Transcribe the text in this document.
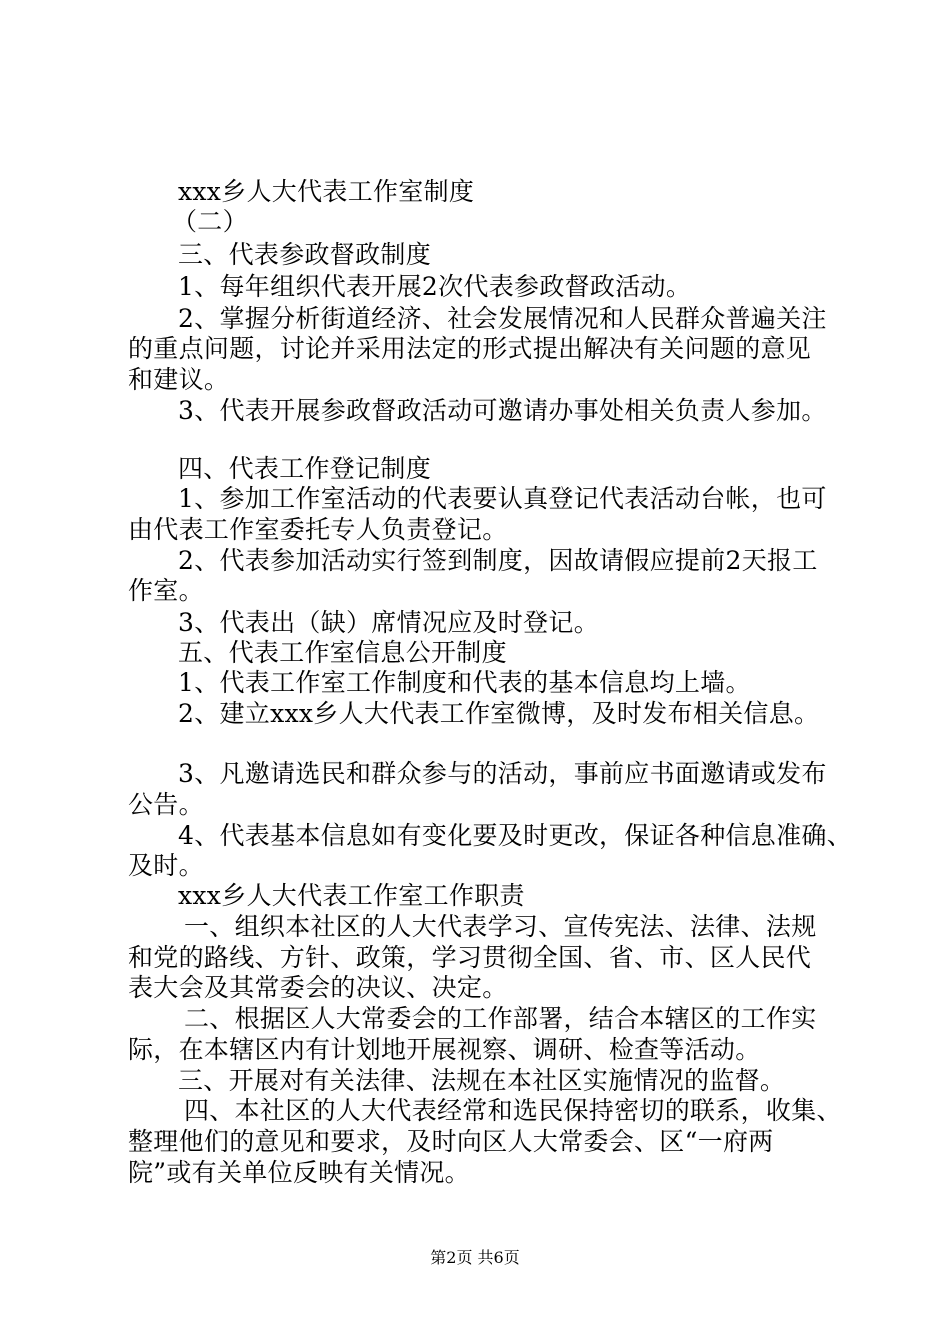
xxx乡人大代表工作室制度
（二）
三、代表参政督政制度
1、每年组织代表开展2次代表参政督政活动。
2、掌握分析街道经济、社会发展情况和人民群众普遍关注
的重点问题，讨论并采用法定的形式提出解决有关问题的意见
和建议。
3、代表开展参政督政活动可邀请办事处相关负责人参加。
四、代表工作登记制度
1、参加工作室活动的代表要认真登记代表活动台帐，也可
由代表工作室委托专人负责登记。
2、代表参加活动实行签到制度，因故请假应提前2天报工
作室。
3、代表出（缺）席情况应及时登记。
五、代表工作室信息公开制度
1、代表工作室工作制度和代表的基本信息均上墙。
2、建立xxx乡人大代表工作室微博，及时发布相关信息。
3、凡邀请选民和群众参与的活动，事前应书面邀请或发布
公告。
4、代表基本信息如有变化要及时更改，保证各种信息准确、
及时。
xxx乡人大代表工作室工作职责
一、组织本社区的人大代表学习、宣传宪法、法律、法规
和党的路线、方针、政策，学习贯彻全国、省、市、区人民代
表大会及其常委会的决议、决定。
二、根据区人大常委会的工作部署，结合本辖区的工作实
际，在本辖区内有计划地开展视察、调研、检查等活动。
三、开展对有关法律、法规在本社区实施情况的监督。
四、本社区的人大代表经常和选民保持密切的联系，收集、
整理他们的意见和要求，及时向区人大常委会、区“一府两
院”或有关单位反映有关情况。
第2页 共6页
